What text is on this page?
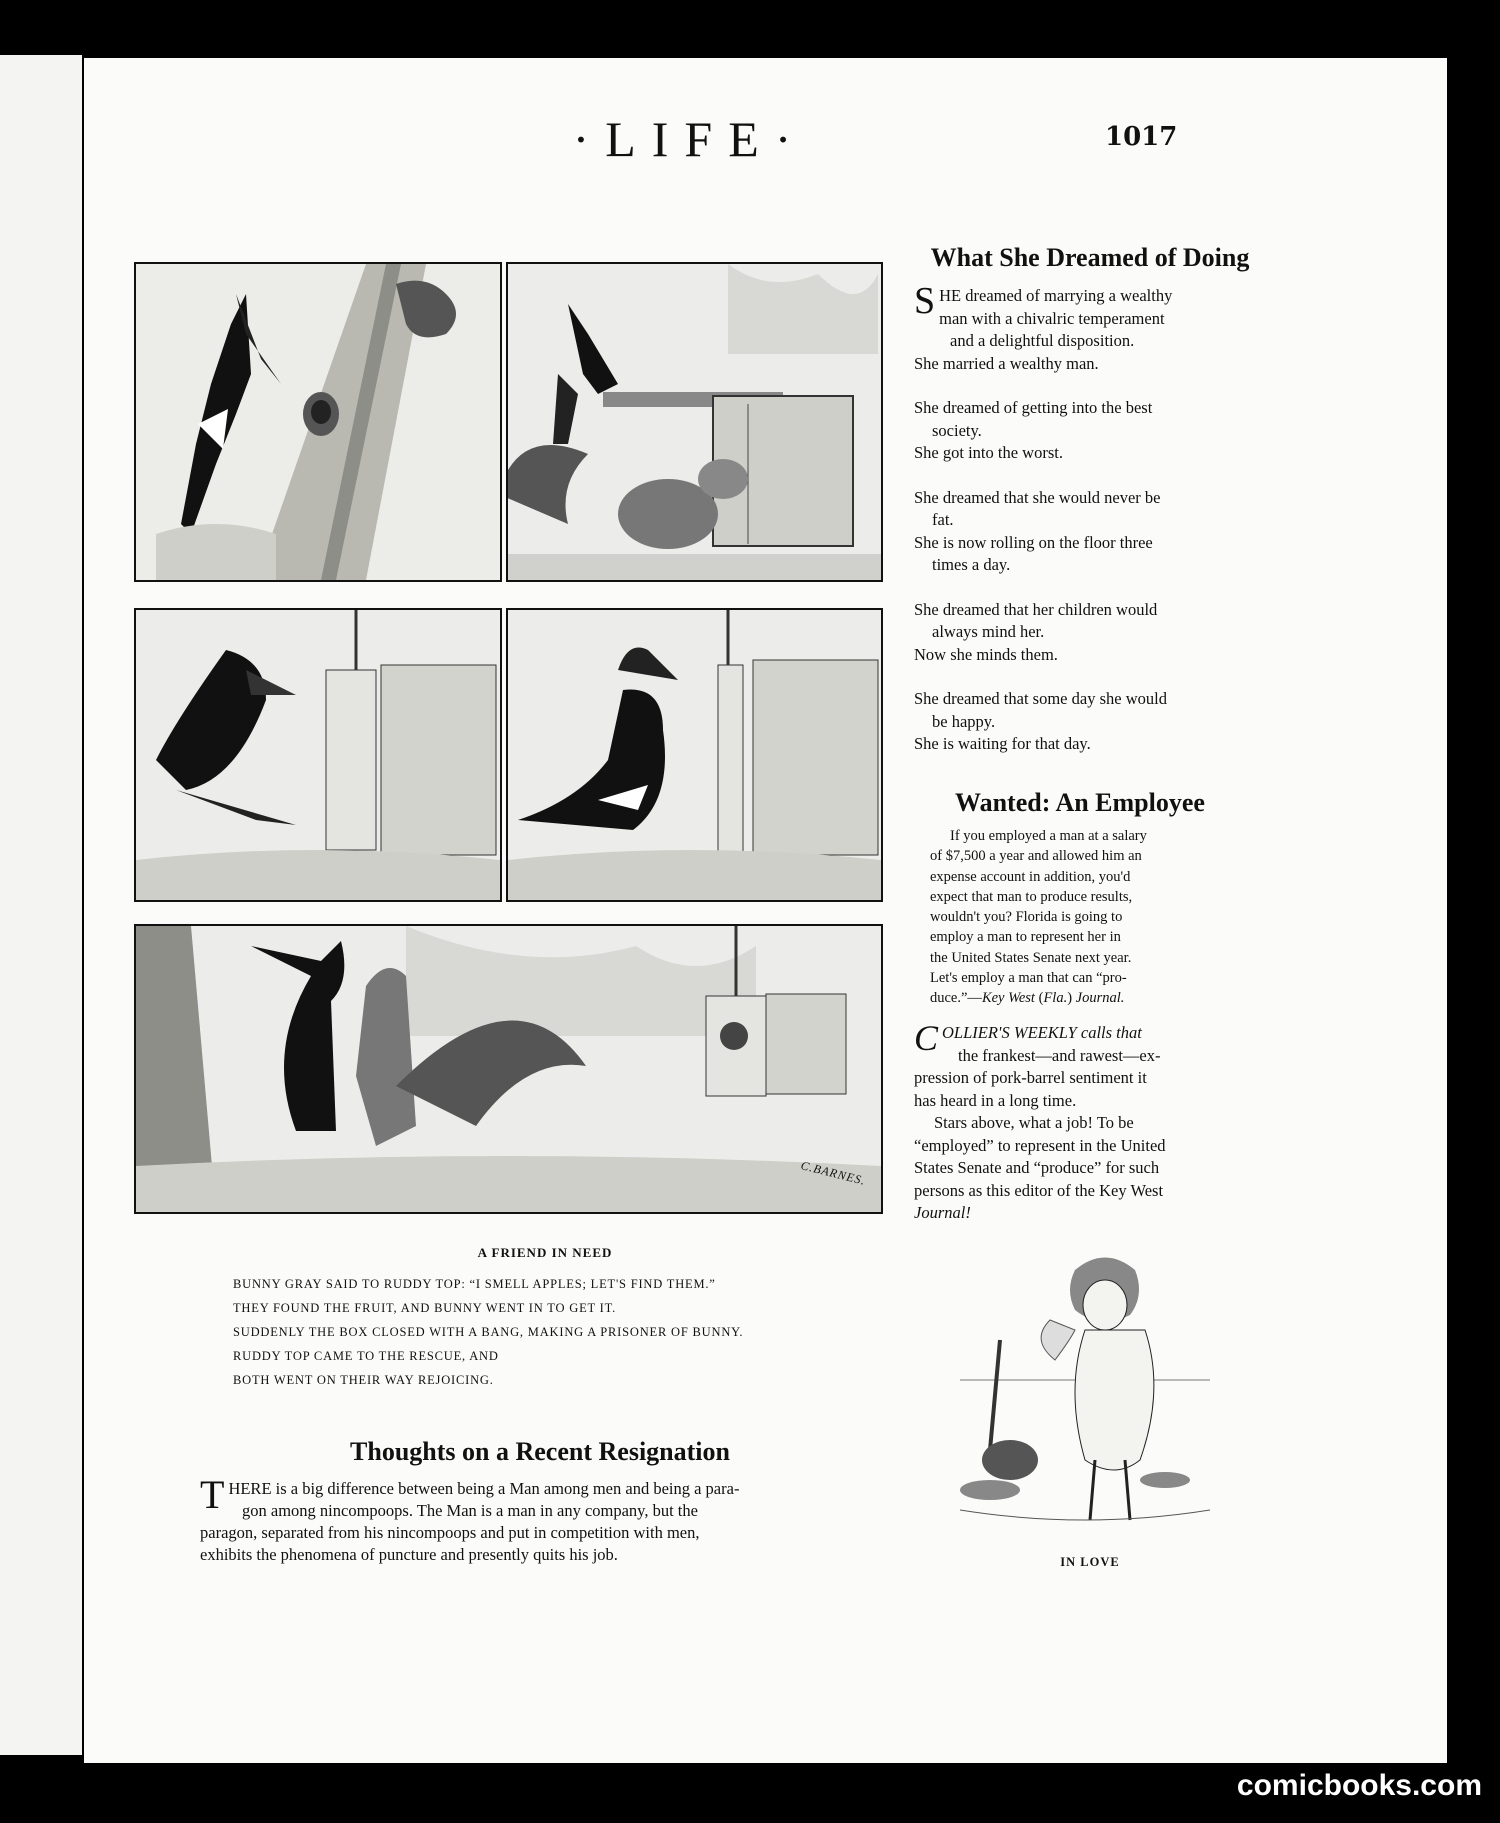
·LIFE·	1017
C.BARNES.
A FRIEND IN NEED
BUNNY GRAY SAID TO RUDDY TOP: “I SMELL APPLES; LET'S FIND THEM.”
THEY FOUND THE FRUIT, AND BUNNY WENT IN TO GET IT.
SUDDENLY THE BOX CLOSED WITH A BANG, MAKING A PRISONER OF BUNNY.
RUDDY TOP CAME TO THE RESCUE, AND
BOTH WENT ON THEIR WAY REJOICING.
What She Dreamed of Doing

SHE dreamed of marrying a wealthy

man with a chivalric temperament

and a delightful disposition.

She married a wealthy man.

She dreamed of getting into the best

society.

She got into the worst.

She dreamed that she would never be

fat.

She is now rolling on the floor three

times a day.

She dreamed that her children would

always mind her.

Now she minds them.

She dreamed that some day she would

be happy.

She is waiting for that day.

Wanted: An Employee
If you employed a man at a salary
of $7,500 a year and allowed him an
expense account in addition, you'd
expect that man to produce results,
wouldn't you? Florida is going to
employ a man to represent her in
the United States Senate next year.
Let's employ a man that can “pro-
duce.”—Key West (Fla.) Journal.
COLLIER'S WEEKLY calls that
the frankest—and rawest—ex-
pression of pork-barrel sentiment it
has heard in a long time.
Stars above, what a job! To be
“employed” to represent in the United
States Senate and “produce” for such
persons as this editor of the Key West
Journal!
IN LOVE
Thoughts on a Recent Resignation
THERE is a big difference between being a Man among men and being a para-
gon among nincompoops. The Man is a man in any company, but the
paragon, separated from his nincompoops and put in competition with men,
exhibits the phenomena of puncture and presently quits his job.
comicbooks.com
